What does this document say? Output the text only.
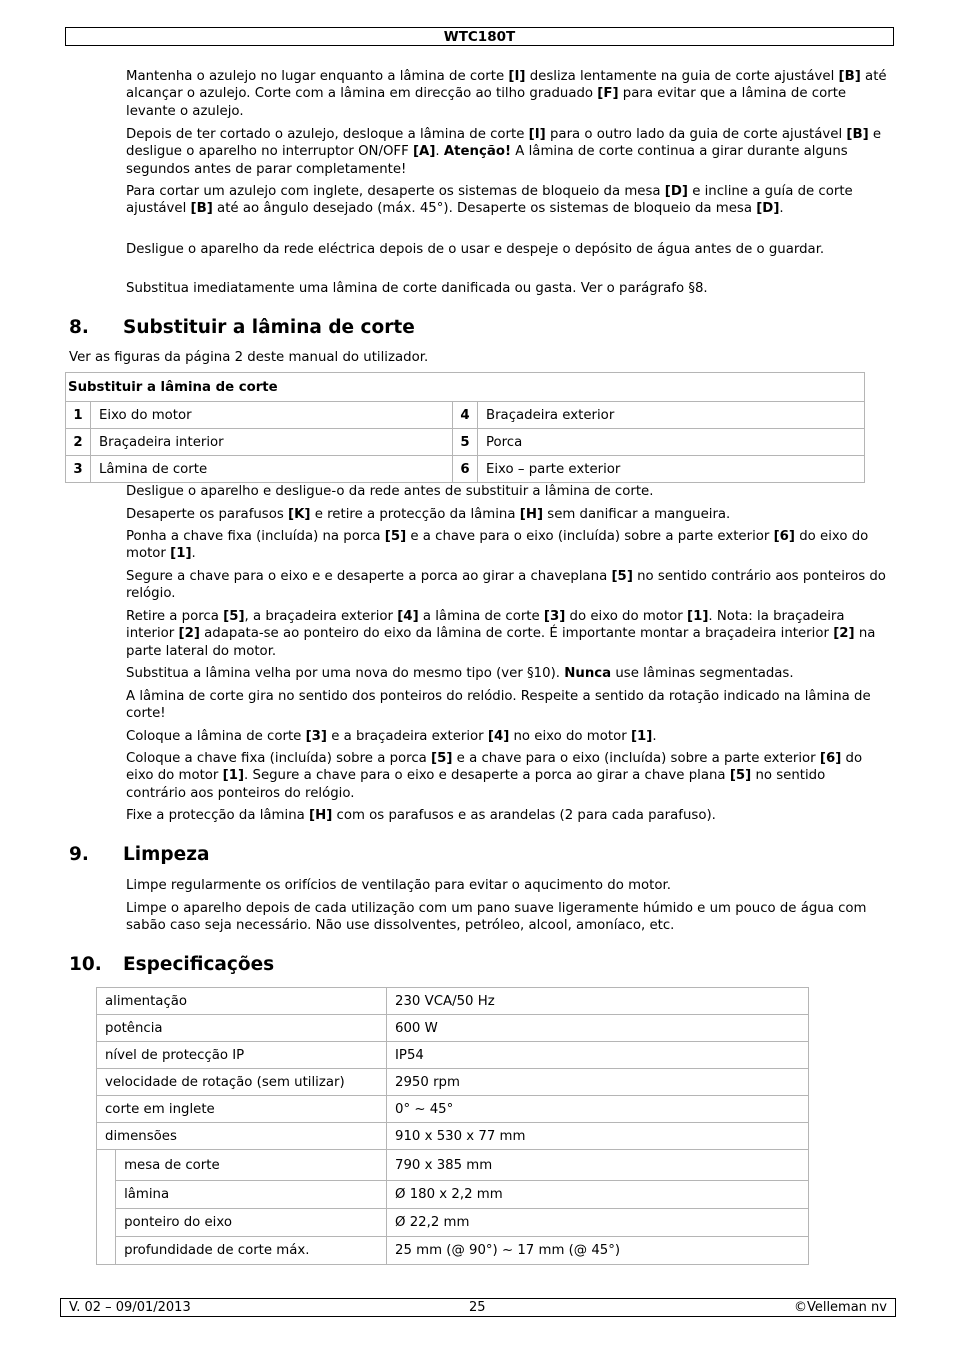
WTC180T

Mantenha o azulejo no lugar enquanto a lâmina de corte [I] desliza lentamente na guia de corte ajustável [B] até alcançar o azulejo. Corte com a lâmina em direcção ao tilho graduado [F] para evitar que a lâmina de corte levante o azulejo.

Depois de ter cortado o azulejo, desloque a lâmina de corte [I] para o outro lado da guia de corte ajustável [B] e desligue o aparelho no interruptor ON/OFF [A]. Atenção! A lâmina de corte continua a girar durante alguns segundos antes de parar completamente!

Para cortar um azulejo com inglete, desaperte os sistemas de bloqueio da mesa [D] e incline a guía de corte ajustável [B] até ao ângulo desejado (máx. 45°). Desaperte os sistemas de bloqueio da mesa [D].

Desligue o aparelho da rede eléctrica depois de o usar e despeje o depósito de água antes de o guardar.

Substitua imediatamente uma lâmina de corte danificada ou gasta. Ver o parágrafo §8.

8. Substituir a lâmina de corte

Ver as figuras da página 2 deste manual do utilizador.

Substituir a lâmina de corte			
1	Eixo do motor	4	Braçadeira exterior
2	Braçadeira interior	5	Porca
3	Lâmina de corte	6	Eixo – parte exterior

Desligue o aparelho e desligue-o da rede antes de substituir a lâmina de corte.

Desaperte os parafusos [K] e retire a protecção da lâmina [H] sem danificar a mangueira.

Ponha a chave fixa (incluída) na porca [5] e a chave para o eixo (incluída) sobre a parte exterior [6] do eixo do motor [1].

Segure a chave para o eixo e e desaperte a porca ao girar a chaveplana [5] no sentido contrário aos ponteiros do relógio.

Retire a porca [5], a braçadeira exterior [4] a lâmina de corte [3] do eixo do motor [1]. Nota: la braçadeira interior [2] adapata-se ao ponteiro do eixo da lâmina de corte. É importante montar a braçadeira interior [2] na parte lateral do motor.

Substitua a lâmina velha por uma nova do mesmo tipo (ver §10). Nunca use lâminas segmentadas.

A lâmina de corte gira no sentido dos ponteiros do relódio. Respeite a sentido da rotação indicado na lâmina de corte!

Coloque a lâmina de corte [3] e a braçadeira exterior [4] no eixo do motor [1].

Coloque a chave fixa (incluída) sobre a porca [5] e a chave para o eixo (incluída) sobre a parte exterior [6] do eixo do motor [1]. Segure a chave para o eixo e desaperte a porca ao girar a chave plana [5] no sentido contrário aos ponteiros do relógio.

Fixe a protecção da lâmina [H] com os parafusos e as arandelas (2 para cada parafuso).

9. Limpeza

Limpe regularmente os orifícios de ventilação para evitar o aqucimento do motor.

Limpe o aparelho depois de cada utilização com um pano suave ligeramente húmido e um pouco de água com sabão caso seja necessário. Não use dissolventes, petróleo, alcool, amoníaco, etc.

10. Especificações
alimentação		230 VCA/50 Hz
potência		600 W
nível de protecção IP		IP54
velocidade de rotação (sem utilizar)		2950 rpm
corte em inglete		0° ~ 45°
dimensões		910 x 530 x 77 mm
	mesa de corte	790 x 385 mm
	lâmina	Ø 180 x 2,2 mm
	ponteiro do eixo	Ø 22,2 mm
	profundidade de corte máx.	25 mm (@ 90°) ~ 17 mm (@ 45°)
V. 02 – 09/01/2013	25	©Velleman nv
